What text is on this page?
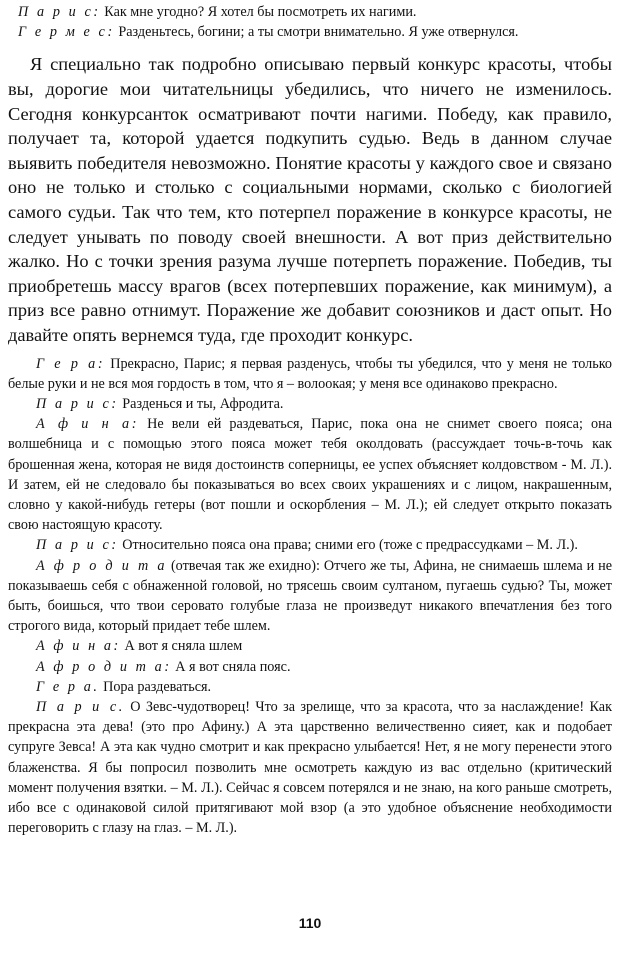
П а р и с: Как мне угодно? Я хотел бы посмотреть их нагими.

Г е р м е с: Разденьтесь, богини; а ты смотри внимательно. Я уже отвернулся.

Я специально так подробно описываю первый конкурс красоты, чтобы вы, дорогие мои читательницы убедились, что ничего не изменилось. Сегодня конкурсанток осматривают почти нагими. Победу, как правило, получает та, которой удается подкупить судью. Ведь в данном случае выявить победителя невозможно. Понятие красоты у каждого свое и связано оно не только и столько с социальными нормами, сколько с биологией самого судьи. Так что тем, кто потерпел поражение в конкурсе красоты, не следует унывать по поводу своей внешности. А вот приз действительно жалко. Но с точки зрения разума лучше потерпеть поражение. Победив, ты приобретешь массу врагов (всех потерпевших поражение, как минимум), а приз все равно отнимут. Поражение же добавит союзников и даст опыт. Но давайте опять вернемся туда, где проходит конкурс.

Г е р а: Прекрасно, Парис; я первая разденусь, чтобы ты убедился, что у меня не только белые руки и не вся моя гордость в том, что я – волоокая; у меня все одинаково прекрасно.

П а р и с: Разденься и ты, Афродита.

А ф и н а: Не вели ей раздеваться, Парис, пока она не снимет своего пояса; она волшебница и с помощью этого пояса может тебя околдовать (рассуждает точь-в-точь как брошенная жена, которая не видя достоинств соперницы, ее успех объясняет колдовством - М. Л.). И затем, ей не следовало бы показываться во всех своих украшениях и с лицом, накрашенным, словно у какой-нибудь гетеры (вот пошли и оскорбления – М. Л.); ей следует открыто показать свою настоящую красоту.

П а р и с: Относительно пояса она права; сними его (тоже с предрассудками – М. Л.).

А ф р о д и т а (отвечая так же ехидно): Отчего же ты, Афина, не снимаешь шлема и не показываешь себя с обнаженной головой, но трясешь своим султаном, пугаешь судью? Ты, может быть, боишься, что твои серовато голубые глаза не произведут никакого впечатления без того строгого вида, который придает тебе шлем.

А ф и н а: А вот я сняла шлем

А ф р о д и т а: А я вот сняла пояс.

Г е р а. Пора раздеваться.

П а р и с. О Зевс-чудотворец! Что за зрелище, что за красота, что за наслаждение! Как прекрасна эта дева! (это про Афину.) А эта царственно величественно сияет, как и подобает супруге Зевса! А эта как чудно смотрит и как прекрасно улыбается! Нет, я не могу перенести этого блаженства. Я бы попросил позволить мне осмотреть каждую из вас отдельно (критический момент получения взятки. – М. Л.). Сейчас я совсем потерялся и не знаю, на кого раньше смотреть, ибо все с одинаковой силой притягивают мой взор (а это удобное объяснение необходимости переговорить с глазу на глаз. – М. Л.).

110
